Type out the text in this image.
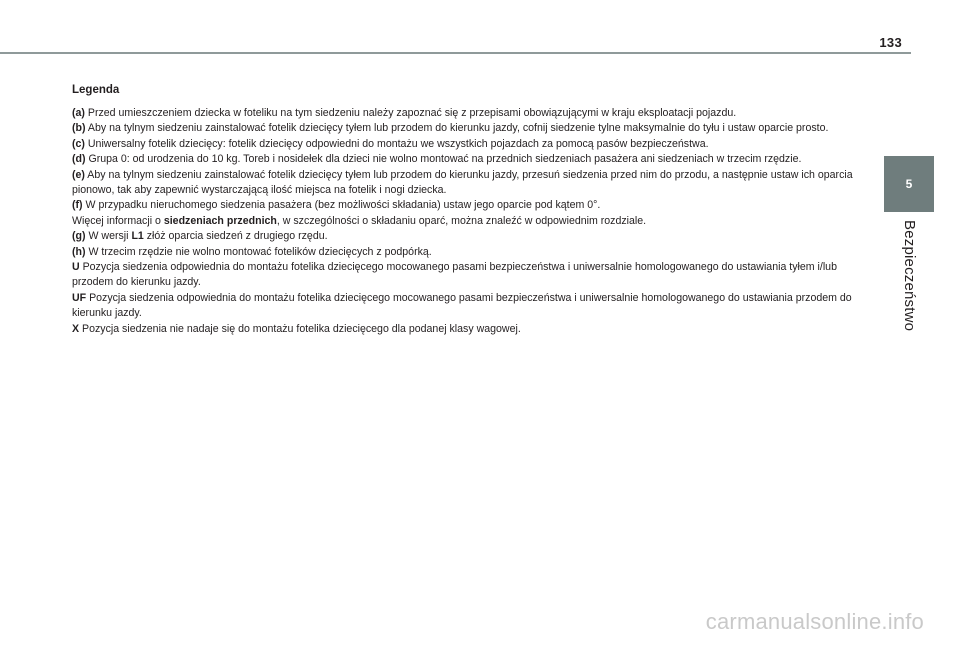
133
5
Bezpieczeństwo

Legenda

(a) Przed umieszczeniem dziecka w foteliku na tym siedzeniu należy zapoznać się z przepisami obowiązującymi w kraju eksploatacji pojazdu.

(b) Aby na tylnym siedzeniu zainstalować fotelik dziecięcy tyłem lub przodem do kierunku jazdy, cofnij siedzenie tylne maksymalnie do tyłu i ustaw oparcie prosto.

(c) Uniwersalny fotelik dziecięcy: fotelik dziecięcy odpowiedni do montażu we wszystkich pojazdach za pomocą pasów bezpieczeństwa.

(d) Grupa 0: od urodzenia do 10 kg. Toreb i nosidełek dla dzieci nie wolno montować na przednich siedzeniach pasażera ani siedzeniach w trzecim rzędzie.

(e) Aby na tylnym siedzeniu zainstalować fotelik dziecięcy tyłem lub przodem do kierunku jazdy, przesuń siedzenia przed nim do przodu, a następnie ustaw ich oparcia pionowo, tak aby zapewnić wystarczającą ilość miejsca na fotelik i nogi dziecka.

(f) W przypadku nieruchomego siedzenia pasażera (bez możliwości składania) ustaw jego oparcie pod kątem 0°.

Więcej informacji o siedzeniach przednich, w szczególności o składaniu oparć, można znaleźć w odpowiednim rozdziale.

(g) W wersji L1 złóż oparcia siedzeń z drugiego rzędu.

(h) W trzecim rzędzie nie wolno montować fotelików dziecięcych z podpórką.

U Pozycja siedzenia odpowiednia do montażu fotelika dziecięcego mocowanego pasami bezpieczeństwa i uniwersalnie homologowanego do ustawiania tyłem i/lub przodem do kierunku jazdy.

UF Pozycja siedzenia odpowiednia do montażu fotelika dziecięcego mocowanego pasami bezpieczeństwa i uniwersalnie homologowanego do ustawiania przodem do kierunku jazdy.

X Pozycja siedzenia nie nadaje się do montażu fotelika dziecięcego dla podanej klasy wagowej.

carmanualsonline.info
